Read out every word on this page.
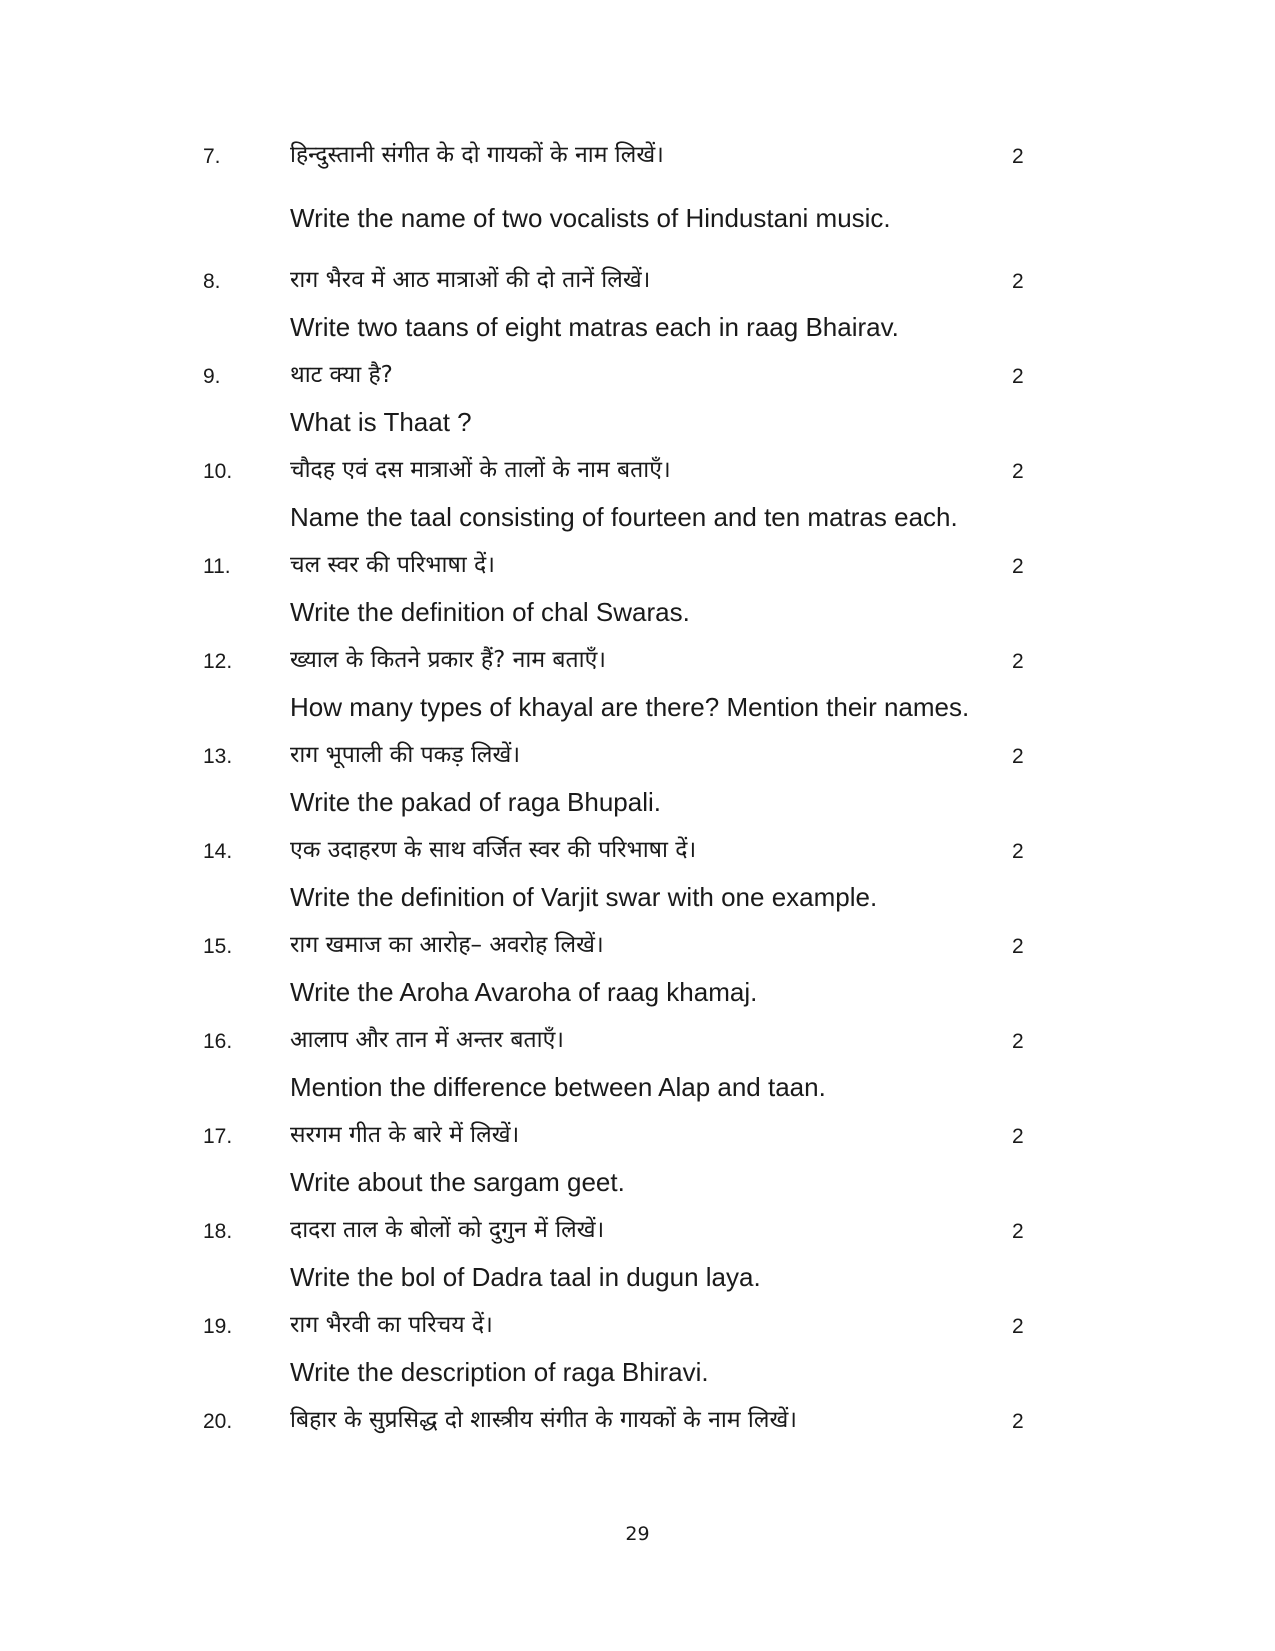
7.	हिन्दुस्तानी संगीत के दो गायकों के नाम लिखें।	2
Write the name of two vocalists of Hindustani music.
8.	राग भैरव में आठ मात्राओं की दो तानें लिखें।	2
Write two taans of eight matras each in raag Bhairav.
9.	थाट क्या है?	2
What is Thaat ?
10.	चौदह एवं दस मात्राओं के तालों के नाम बताएँ।	2
Name the taal consisting of fourteen and ten matras each.
11.	चल स्वर की परिभाषा दें।	2
Write the definition of chal Swaras.
12.	ख्याल के कितने प्रकार हैं? नाम बताएँ।	2
How many types of khayal are there? Mention their names.
13.	राग भूपाली की पकड़ लिखें।	2
Write the pakad of raga Bhupali.
14.	एक उदाहरण के साथ वर्जित स्वर की परिभाषा दें।	2
Write the definition of Varjit swar with one example.
15.	राग खमाज का आरोह– अवरोह लिखें।	2
Write the Aroha Avaroha of raag khamaj.
16.	आलाप और तान में अन्तर बताएँ।	2
Mention the difference between Alap and taan.
17.	सरगम गीत के बारे में लिखें।	2
Write about the sargam geet.
18.	दादरा ताल के बोलों को दुगुन में लिखें।	2
Write the bol of Dadra taal in dugun laya.
19.	राग भैरवी का परिचय दें।	2
Write the description of raga Bhiravi.
20.	बिहार के सुप्रसिद्ध दो शास्त्रीय संगीत के गायकों के नाम लिखें।	2
29
